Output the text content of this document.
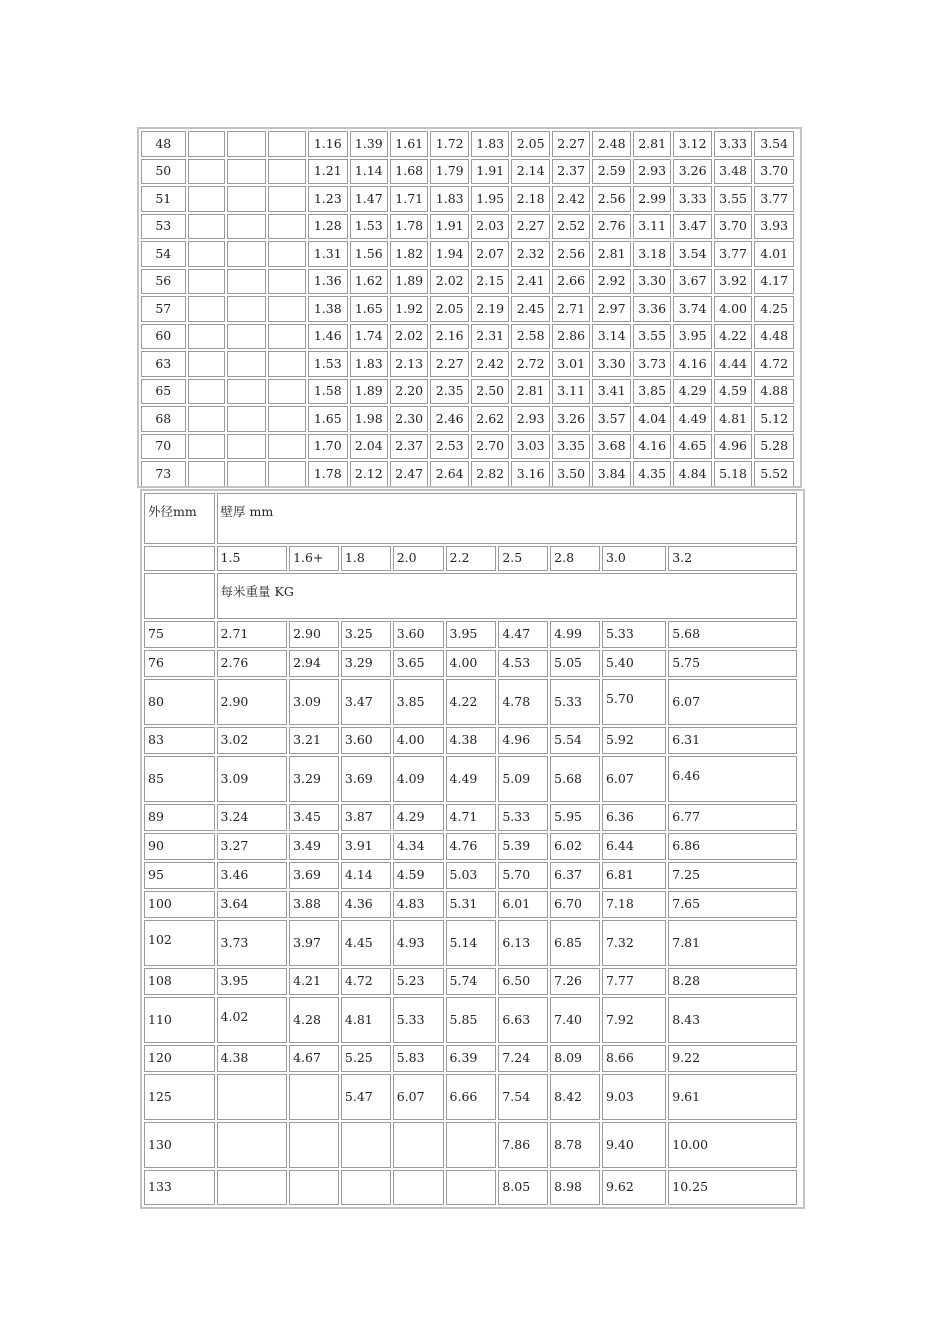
48				1.16	1.39	1.61	1.72	1.83	2.05	2.27	2.48	2.81	3.12	3.33	3.54
50				1.21	1.14	1.68	1.79	1.91	2.14	2.37	2.59	2.93	3.26	3.48	3.70
51				1.23	1.47	1.71	1.83	1.95	2.18	2.42	2.56	2.99	3.33	3.55	3.77
53				1.28	1.53	1.78	1.91	2.03	2.27	2.52	2.76	3.11	3.47	3.70	3.93
54				1.31	1.56	1.82	1.94	2.07	2.32	2.56	2.81	3.18	3.54	3.77	4.01
56				1.36	1.62	1.89	2.02	2.15	2.41	2.66	2.92	3.30	3.67	3.92	4.17
57				1.38	1.65	1.92	2.05	2.19	2.45	2.71	2.97	3.36	3.74	4.00	4.25
60				1.46	1.74	2.02	2.16	2.31	2.58	2.86	3.14	3.55	3.95	4.22	4.48
63				1.53	1.83	2.13	2.27	2.42	2.72	3.01	3.30	3.73	4.16	4.44	4.72
65				1.58	1.89	2.20	2.35	2.50	2.81	3.11	3.41	3.85	4.29	4.59	4.88
68				1.65	1.98	2.30	2.46	2.62	2.93	3.26	3.57	4.04	4.49	4.81	5.12
70				1.70	2.04	2.37	2.53	2.70	3.03	3.35	3.68	4.16	4.65	4.96	5.28
73				1.78	2.12	2.47	2.64	2.82	3.16	3.50	3.84	4.35	4.84	5.18	5.52
外径mm	壁厚 mm								
	1.5	1.6+	1.8	2.0	2.2	2.5	2.8	3.0	3.2
	每米重量 KG								
75	2.71	2.90	3.25	3.60	3.95	4.47	4.99	5.33	5.68
76	2.76	2.94	3.29	3.65	4.00	4.53	5.05	5.40	5.75
80	2.90	3.09	3.47	3.85	4.22	4.78	5.33	5.70	6.07
83	3.02	3.21	3.60	4.00	4.38	4.96	5.54	5.92	6.31
85	3.09	3.29	3.69	4.09	4.49	5.09	5.68	6.07	6.46
89	3.24	3.45	3.87	4.29	4.71	5.33	5.95	6.36	6.77
90	3.27	3.49	3.91	4.34	4.76	5.39	6.02	6.44	6.86
95	3.46	3.69	4.14	4.59	5.03	5.70	6.37	6.81	7.25
100	3.64	3.88	4.36	4.83	5.31	6.01	6.70	7.18	7.65
102	3.73	3.97	4.45	4.93	5.14	6.13	6.85	7.32	7.81
108	3.95	4.21	4.72	5.23	5.74	6.50	7.26	7.77	8.28
110	4.02	4.28	4.81	5.33	5.85	6.63	7.40	7.92	8.43
120	4.38	4.67	5.25	5.83	6.39	7.24	8.09	8.66	9.22
125			5.47	6.07	6.66	7.54	8.42	9.03	9.61
130						7.86	8.78	9.40	10.00
133						8.05	8.98	9.62	10.25
